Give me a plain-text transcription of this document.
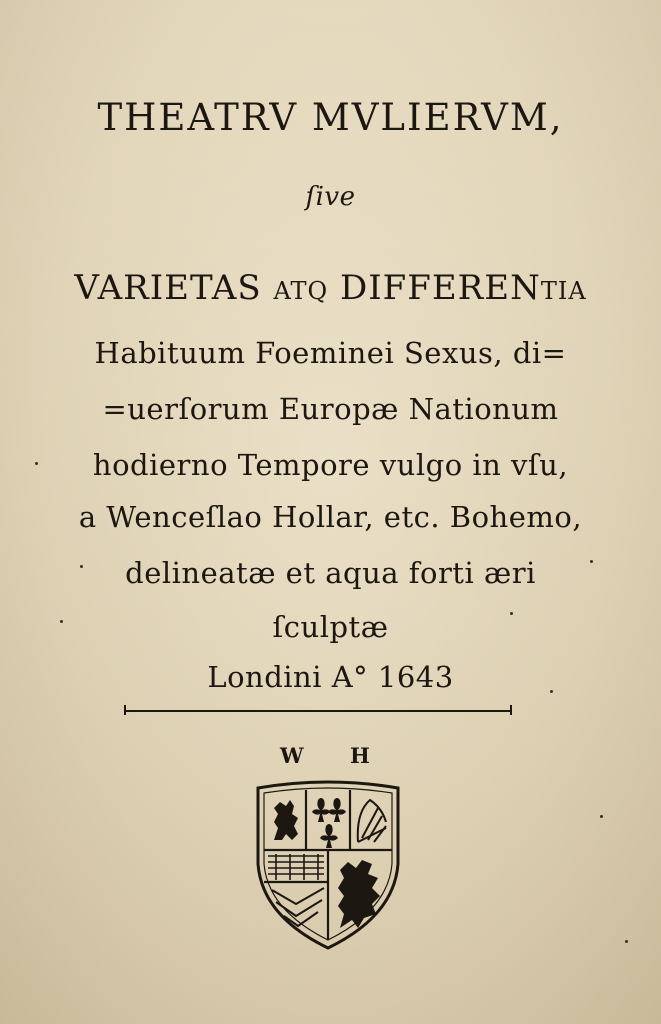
THEATRV MVLIERVM,
ſive
VARIETAS atq DIFFERENtia
Habituum Foeminei Sexus, di=
=uerſorum Europæ Nationum
hodierno Tempore vulgo in vſu,
a Wenceſlao Hollar, etc. Bohemo,
delineatæ et aqua forti æri
ſculptæ
Londini A° 1643
W H
